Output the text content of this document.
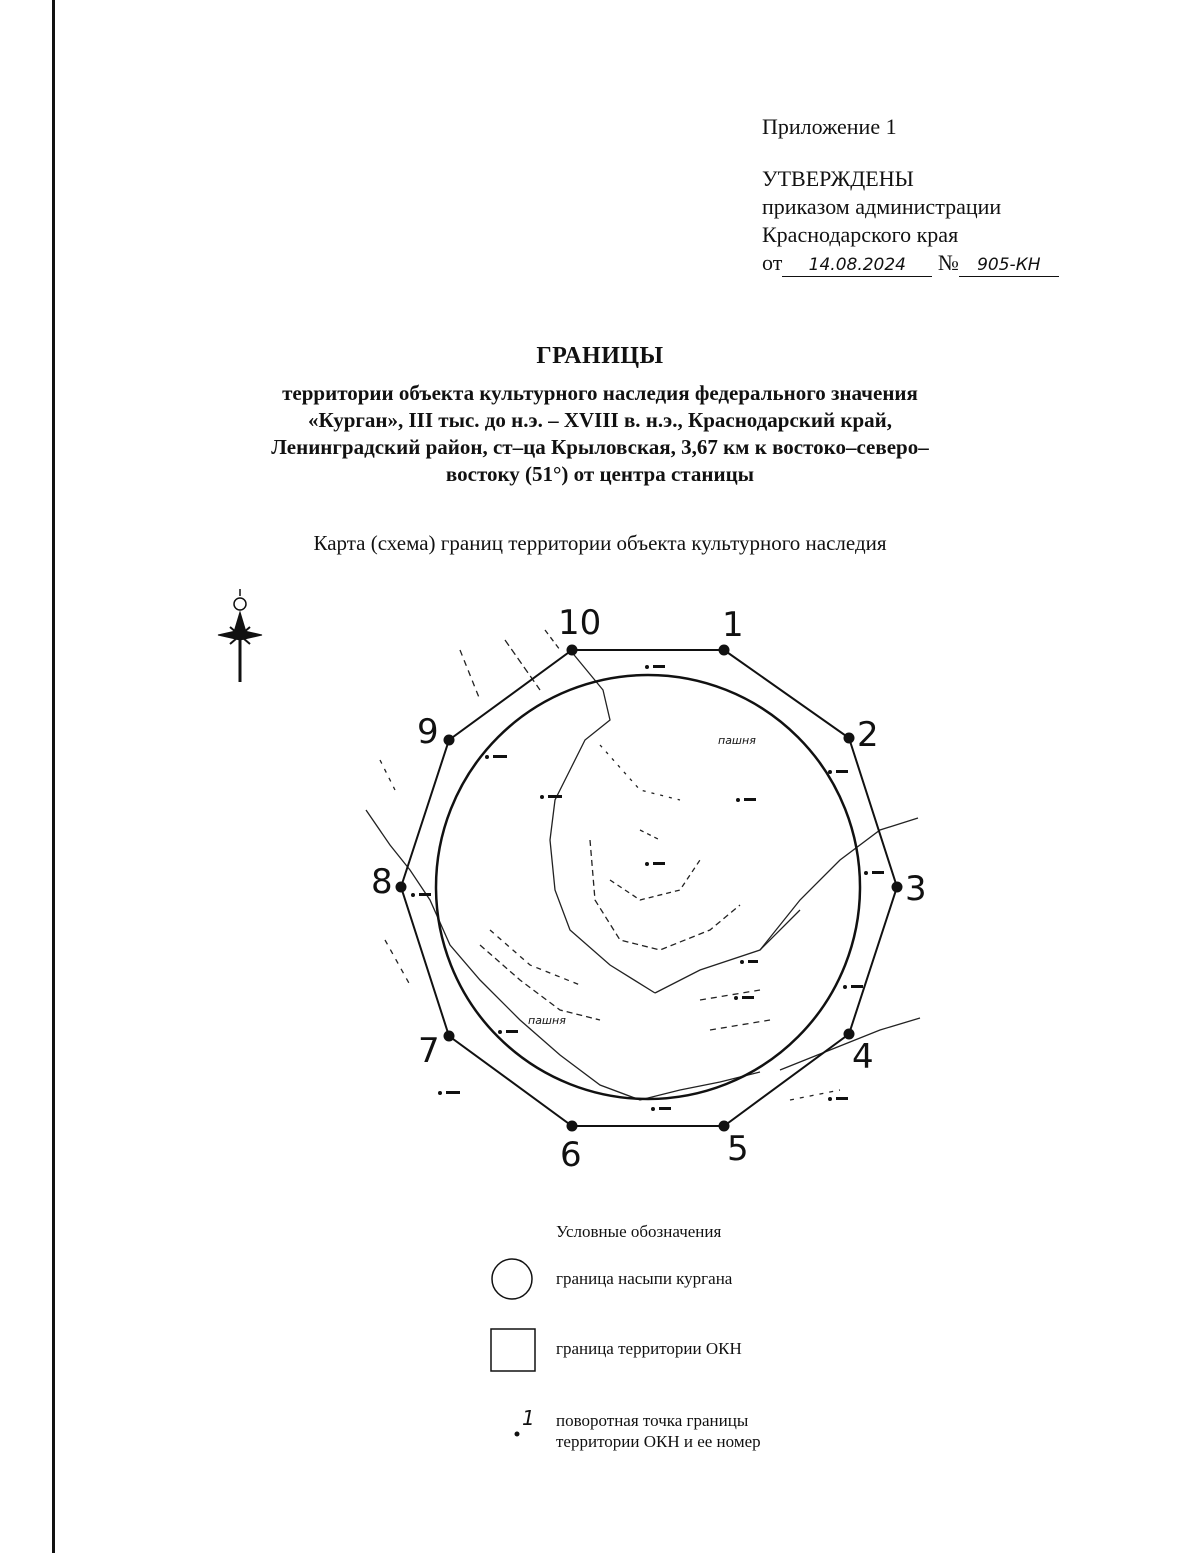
Приложение 1
УТВЕРЖДЕНЫ
приказом администрации
Краснодарского края
от 14.08.2024 № 905-КН
ГРАНИЦЫ
территории объекта культурного наследия федерального значения
«Курган», III тыс. до н.э. – XVIII в. н.э., Краснодарский край,
Ленинградский район, ст–ца Крыловская, 3,67 км к востоко–северо–
востоку (51°) от центра станицы
Карта (схема) границ территории объекта культурного наследия
1
2
3
4
5
6
7
8
9
10
пашня
пашня
1
Условные обозначения
граница насыпи кургана
граница территории ОКН
поворотная точка границы
территории ОКН и ее номер
